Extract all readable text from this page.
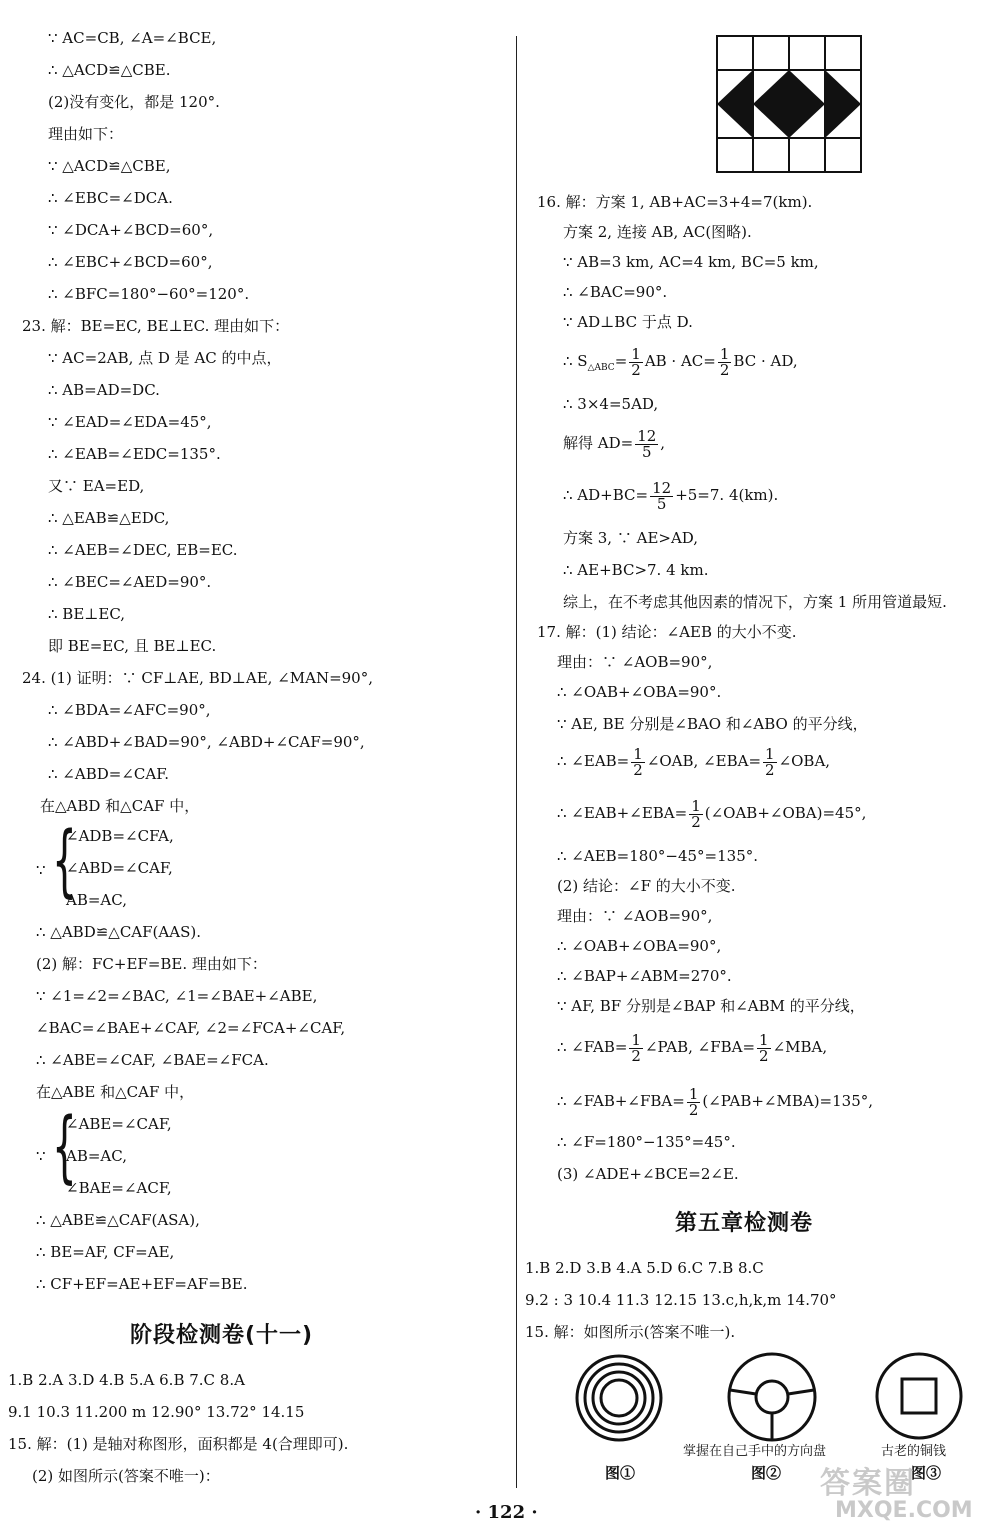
∵ AC=CB, ∠A=∠BCE,
∴ △ACD≌△CBE.
(2)没有变化，都是 120°.
理由如下：
∵ △ACD≌△CBE,
∴ ∠EBC=∠DCA.
∵ ∠DCA+∠BCD=60°,
∴ ∠EBC+∠BCD=60°,
∴ ∠BFC=180°−60°=120°.
23. 解：BE=EC, BE⊥EC. 理由如下：
∵ AC=2AB, 点 D 是 AC 的中点，
∴ AB=AD=DC.
∵ ∠EAD=∠EDA=45°,
∴ ∠EAB=∠EDC=135°.
又∵ EA=ED,
∴ △EAB≌△EDC,
∴ ∠AEB=∠DEC, EB=EC.
∴ ∠BEC=∠AED=90°.
∴ BE⊥EC,
即 BE=EC, 且 BE⊥EC.
24. (1) 证明：∵ CF⊥AE, BD⊥AE, ∠MAN=90°,
∴ ∠BDA=∠AFC=90°,
∴ ∠ABD+∠BAD=90°, ∠ABD+∠CAF=90°,
∴ ∠ABD=∠CAF.
在△ABD 和△CAF 中，
∵ {
∠ADB=∠CFA,
∠ABD=∠CAF,
AB=AC,
∴ △ABD≌△CAF(AAS).
(2) 解：FC+EF=BE. 理由如下：
∵ ∠1=∠2=∠BAC, ∠1=∠BAE+∠ABE,
∠BAC=∠BAE+∠CAF, ∠2=∠FCA+∠CAF,
∴ ∠ABE=∠CAF, ∠BAE=∠FCA.
在△ABE 和△CAF 中，
∵ {
∠ABE=∠CAF,
AB=AC,
∠BAE=∠ACF,
∴ △ABE≌△CAF(ASA),
∴ BE=AF, CF=AE,
∴ CF+EF=AE+EF=AF=BE.
阶段检测卷(十一)
1.B 2.A 3.D 4.B 5.A 6.B 7.C 8.A
9.1 10.3 11.200 m 12.90° 13.72° 14.15
15. 解：(1) 是轴对称图形，面积都是 4(合理即可).
(2) 如图所示(答案不唯一)：
16. 解：方案 1, AB+AC=3+4=7(km).
方案 2, 连接 AB, AC(图略).
∵ AB=3 km, AC=4 km, BC=5 km,
∴ ∠BAC=90°.
∵ AD⊥BC 于点 D.
∴ $S_{\triangle ABC}= \frac{1}{2}$ AB · $AC= \frac{1}{2}$ BC · AD,
∴ 3×4=5AD,
解得 $AD= \frac{12}{5}$ ,
∴ $AD+BC= \frac{12}{5} +5=7$. 4(km).
方案 3, ∵ AE>AD,
∴ AE+BC>7. 4 km.
综上，在不考虑其他因素的情况下，方案 1 所用管道最短.
17. 解：(1) 结论：∠AEB 的大小不变.
理由：∵ ∠AOB=90°,
∴ ∠OAB+∠OBA=90°.
∵ AE, BE 分别是∠BAO 和∠ABO 的平分线，
∴ ∠EAB= $\frac{1}{2}$ ∠OAB, ∠EBA= $\frac{1}{2}$ ∠OBA,
∴ ∠EAB+∠EBA= $\frac{1}{2}$ (∠OAB+∠OBA)=45°,
∴ ∠AEB=180°−45°=135°.
(2) 结论：∠F 的大小不变.
理由：∵ ∠AOB=90°,
∴ ∠OAB+∠OBA=90°,
∴ ∠BAP+∠ABM=270°.
∵ AF, BF 分别是∠BAP 和∠ABM 的平分线，
∴ ∠FAB= $\frac{1}{2}$ ∠PAB, ∠FBA= $\frac{1}{2}$ ∠MBA,
∴ ∠FAB+∠FBA= $\frac{1}{2}$ (∠PAB+∠MBA)=135°,
∴ ∠F=180°−135°=45°.
(3) ∠ADE+∠BCE=2∠E.
第五章检测卷
1.B 2.D 3.B 4.A 5.D 6.C 7.B 8.C
9.2 : 3 10.4 11.3 12.15 13.c,h,k,m 14.70°
15. 解：如图所示(答案不唯一).
掌握在自己手中的方向盘	古老的铜钱
图①	图②	图③
· 122 ·
答案圈
MXQE.COM
